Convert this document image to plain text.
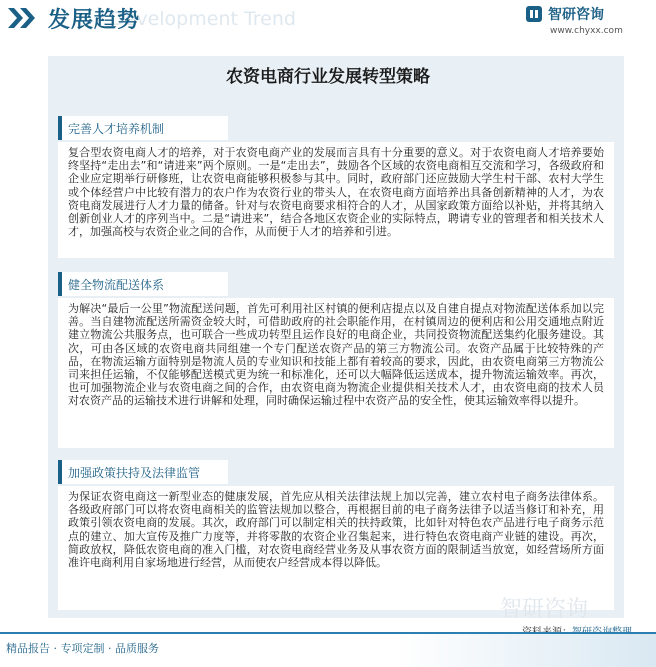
Development Trend
发展趋势	智研咨询
www.chyxx.com
农资电商行业发展转型策略
完善人才培养机制
复合型农资电商人才的培养，对于农资电商产业的发展而言具有十分重要的意义。对于农资电商人才培养要始终坚持“走出去”和“请进来”两个原则。一是“走出去”，鼓励各个区域的农资电商相互交流和学习，各级政府和企业应定期举行研修班，让农资电商能够积极参与其中。同时，政府部门还应鼓励大学生村干部、农村大学生或个体经营户中比较有潜力的农户作为农资行业的带头人，在农资电商方面培养出具备创新精神的人才，为农资电商发展进行人才力量的储备。针对与农资电商要求相符合的人才，从国家政策方面给以补贴，并将其纳入创新创业人才的序列当中。二是“请进来”，结合各地区农资企业的实际特点，聘请专业的管理者和相关技术人才，加强高校与农资企业之间的合作，从而便于人才的培养和引进。
健全物流配送体系
为解决“最后一公里”物流配送问题，首先可利用社区村镇的便利店提点以及自建自提点对物流配送体系加以完善。当自建物流配送所需资金较大时，可借助政府的社会职能作用，在村镇周边的便利店和公用交通地点附近建立物流公共服务点，也可联合一些成功转型且运作良好的电商企业，共同投资物流配送集约化服务建设。其次，可由各区域的农资电商共同组建一个专门配送农资产品的第三方物流公司。农资产品属于比较特殊的产品，在物流运输方面特别是物流人员的专业知识和技能上都有着较高的要求，因此，由农资电商第三方物流公司来担任运输，不仅能够配送模式更为统一和标准化，还可以大幅降低运送成本，提升物流运输效率。再次，也可加强物流企业与农资电商之间的合作，由农资电商为物流企业提供相关技术人才，由农资电商的技术人员对农资产品的运输技术进行讲解和处理，同时确保运输过程中农资产品的安全性，使其运输效率得以提升。
加强政策扶持及法律监管
为保证农资电商这一新型业态的健康发展，首先应从相关法律法规上加以完善，建立农村电子商务法律体系。各级政府部门可以将农资电商相关的监管法规加以整合，再根据目前的电子商务法律予以适当修订和补充，用政策引领农资电商的发展。其次，政府部门可以制定相关的扶持政策，比如针对特色农产品进行电子商务示范点的建立、加大宣传及推广力度等，并将零散的农资企业召集起来，进行特色农资电商产业链的建设。再次，简政放权，降低农资电商的准入门槛，对农资电商经营业务及从事农资方面的限制适当放宽，如经营场所方面准许电商利用自家场地进行经营，从而使农户经营成本得以降低。
智研咨询
精品报告 · 专项定制 · 品质服务
